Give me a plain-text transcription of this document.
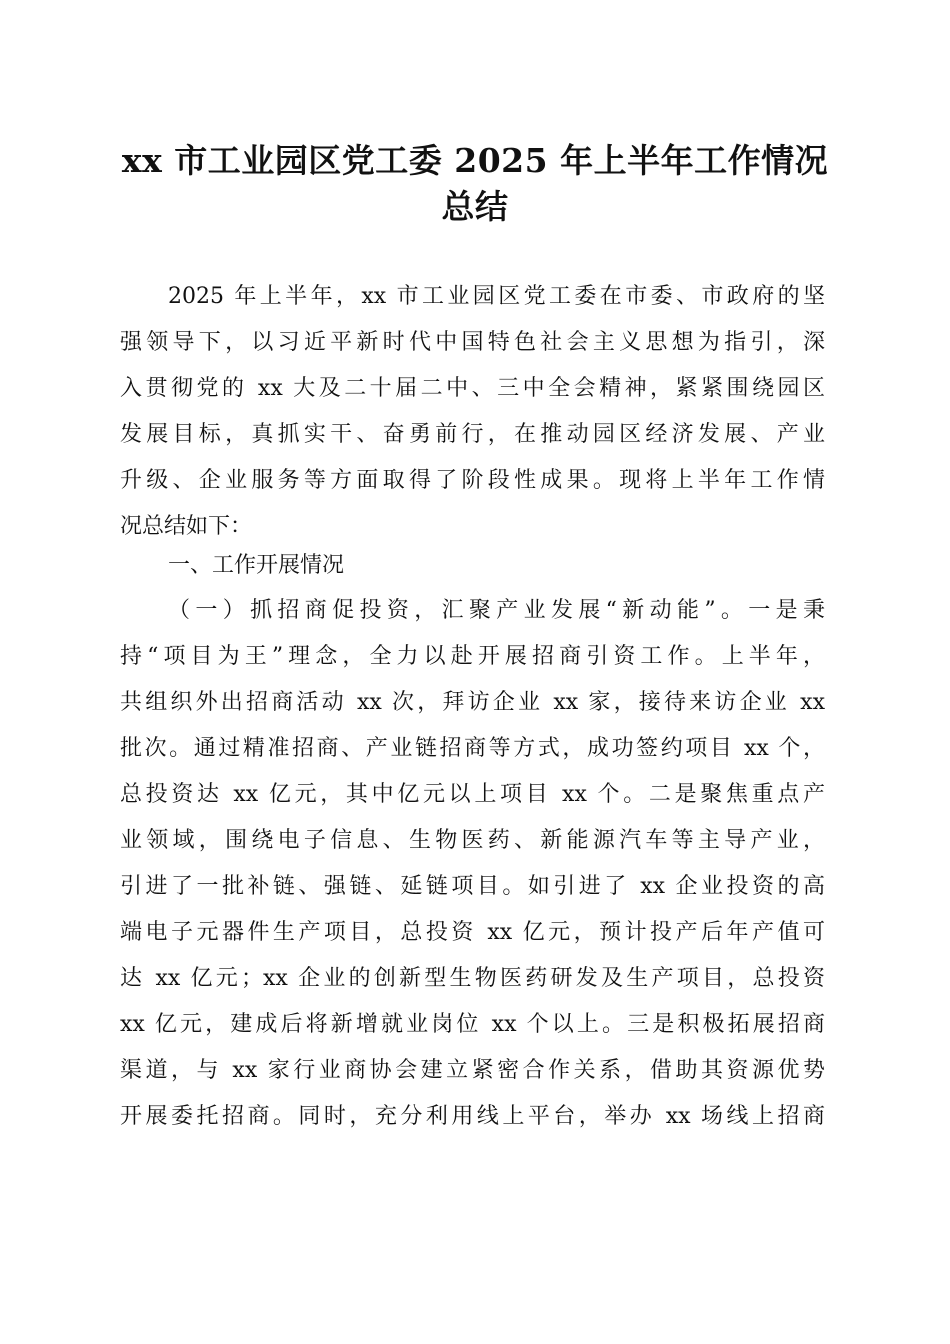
xx 市工业园区党工委 2025 年上半年工作情况
总结
2025 年上半年，xx 市工业园区党工委在市委、市政府的坚
强领导下，以习近平新时代中国特色社会主义思想为指引，深
入贯彻党的 xx 大及二十届二中、三中全会精神，紧紧围绕园区
发展目标，真抓实干、奋勇前行，在推动园区经济发展、产业
升级、企业服务等方面取得了阶段性成果。现将上半年工作情
况总结如下：
一、工作开展情况
（一）抓招商促投资，汇聚产业发展“新动能”。一是秉
持“项目为王”理念，全力以赴开展招商引资工作。上半年，
共组织外出招商活动 xx 次，拜访企业 xx 家，接待来访企业 xx
批次。通过精准招商、产业链招商等方式，成功签约项目 xx 个，
总投资达 xx 亿元，其中亿元以上项目 xx 个。二是聚焦重点产
业领域，围绕电子信息、生物医药、新能源汽车等主导产业，
引进了一批补链、强链、延链项目。如引进了 xx 企业投资的高
端电子元器件生产项目，总投资 xx 亿元，预计投产后年产值可
达 xx 亿元；xx 企业的创新型生物医药研发及生产项目，总投资
xx 亿元，建成后将新增就业岗位 xx 个以上。三是积极拓展招商
渠道，与 xx 家行业商协会建立紧密合作关系，借助其资源优势
开展委托招商。同时，充分利用线上平台，举办 xx 场线上招商
